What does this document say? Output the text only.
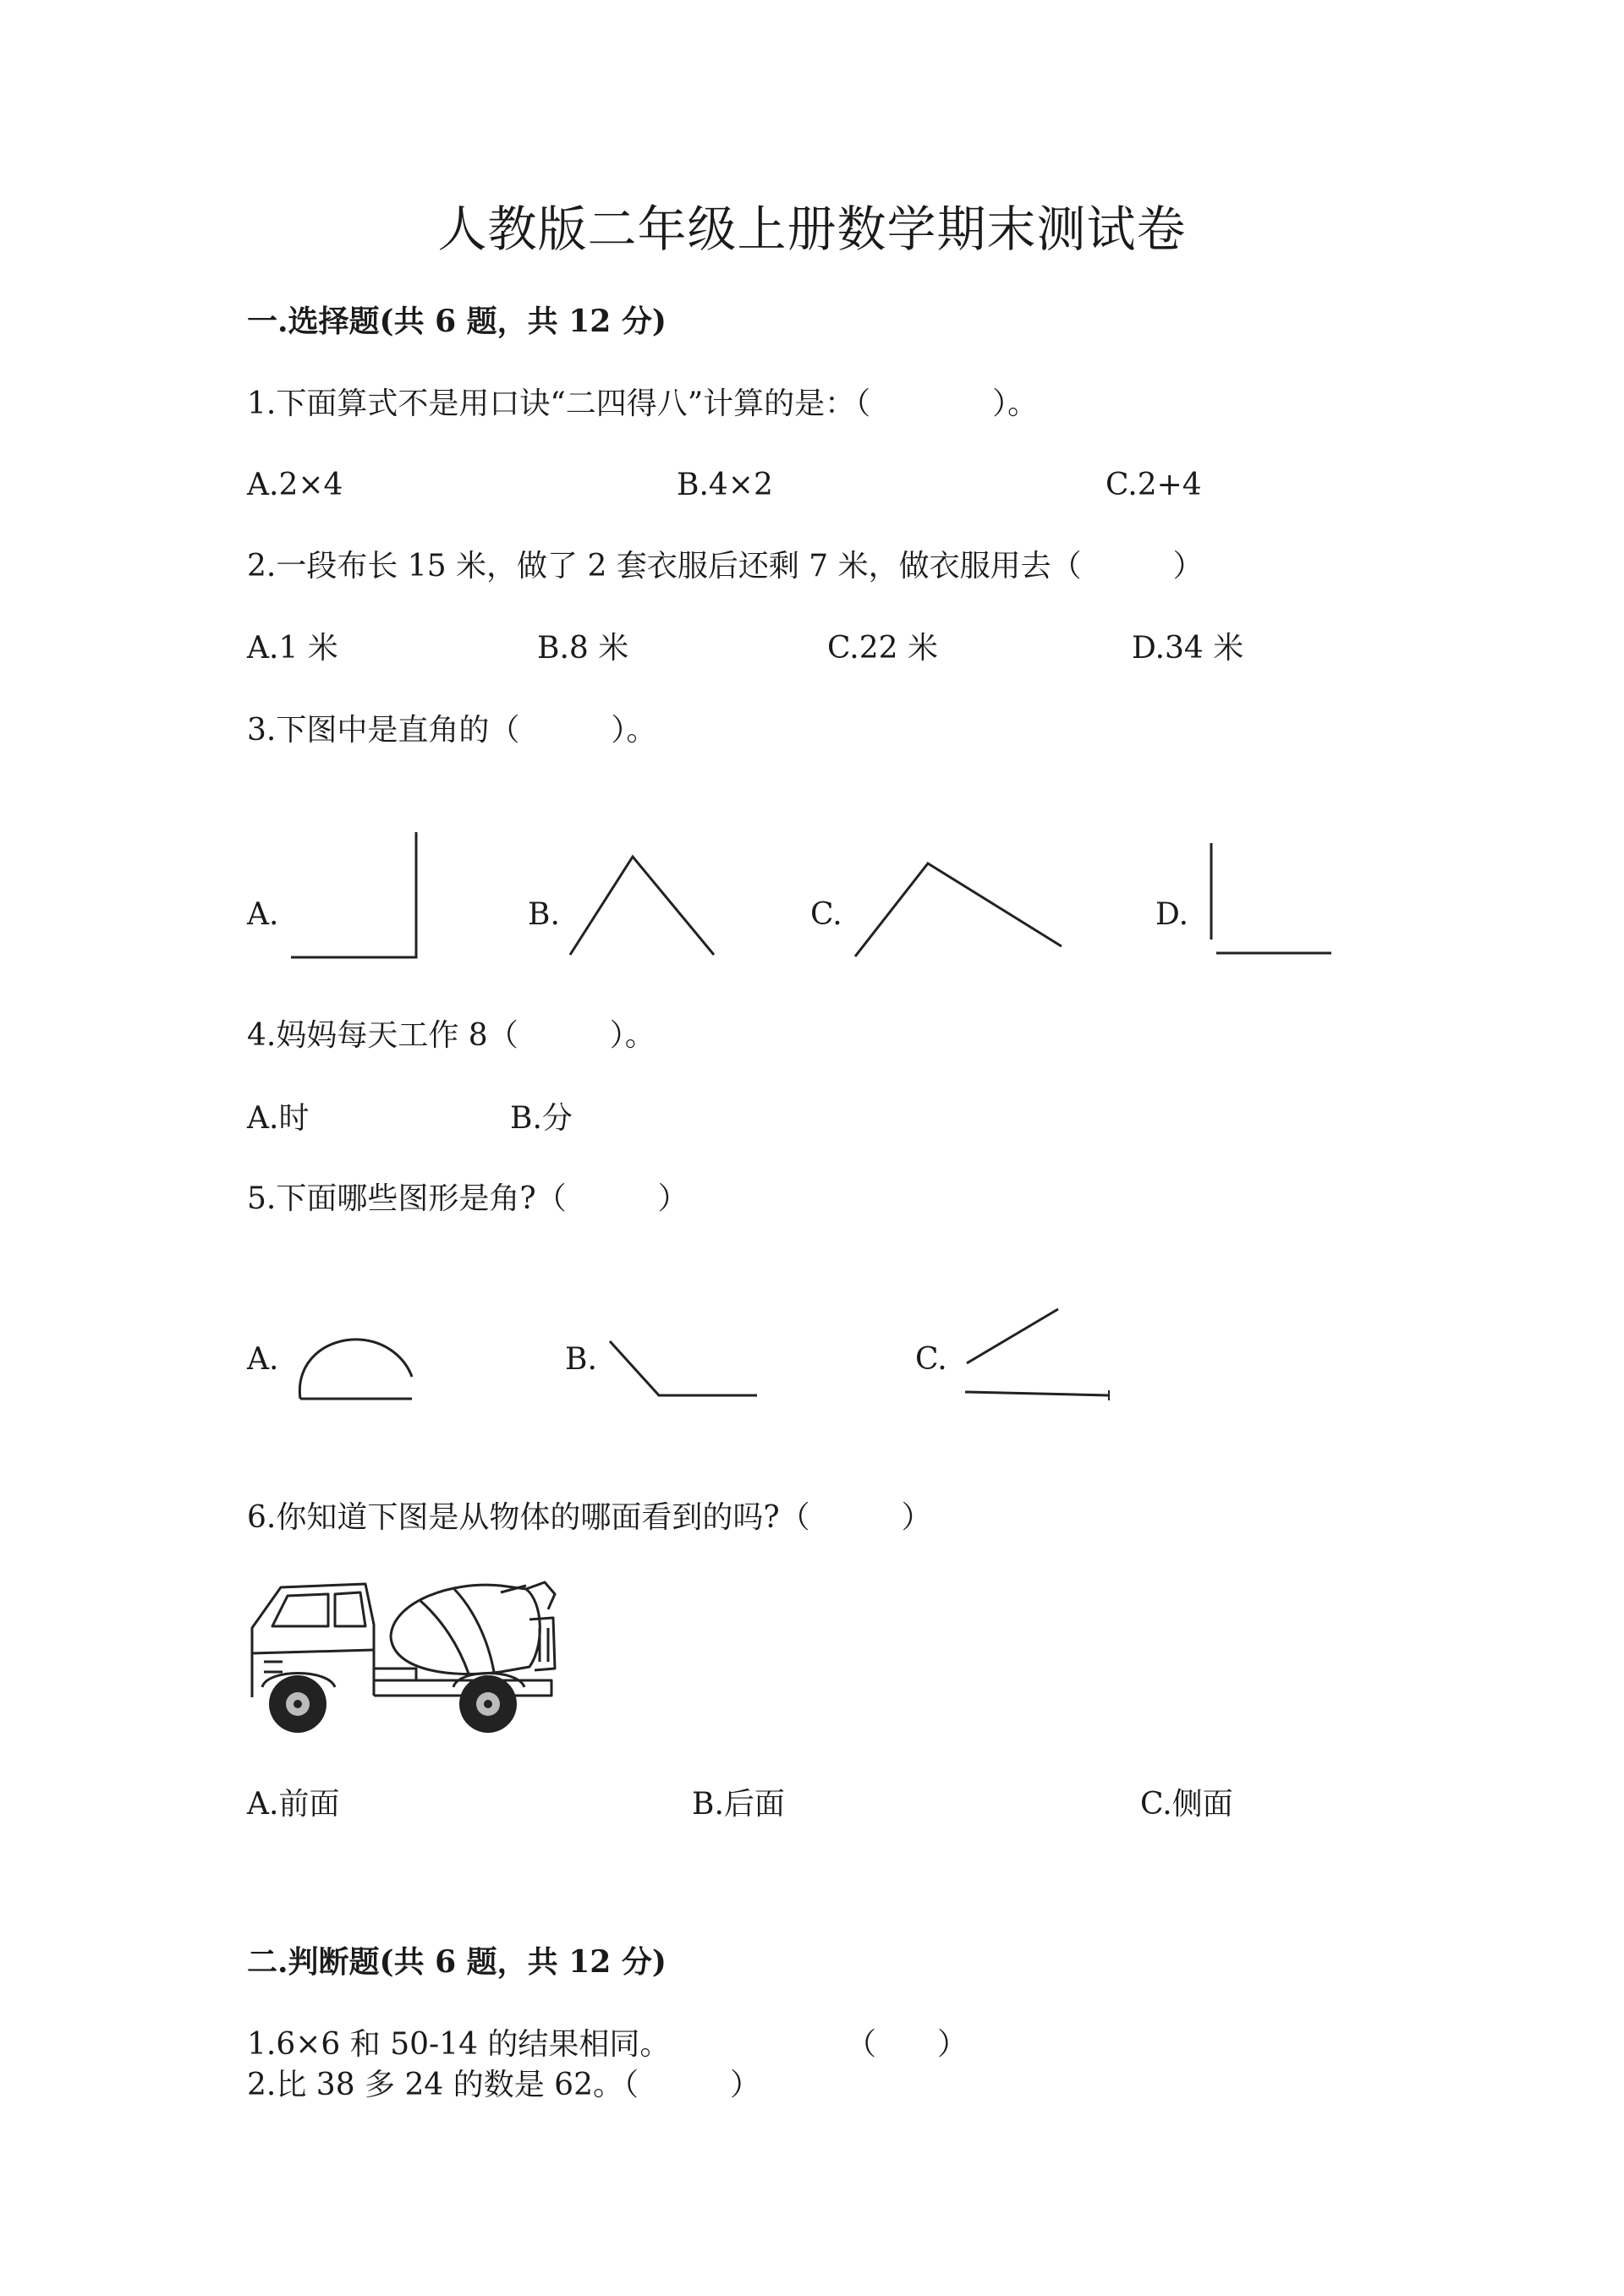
人教版二年级上册数学期末测试卷
一.选择题(共 6 题，共 12 分)
1.下面算式不是用口诀“二四得八”计算的是：（　　　　）。
A.2×4	B.4×2	C.2+4
2.一段布长 15 米，做了 2 套衣服后还剩 7 米，做衣服用去（　　　）
A.1 米	B.8 米	C.22 米	D.34 米
3.下图中是直角的（　　　）。
A.	B.	C.	D.
4.妈妈每天工作 8（　　　）。
A.时	B.分
5.下面哪些图形是角?（　　　）
A.	B.	C.
6.你知道下图是从物体的哪面看到的吗?（　　　）
A.前面	B.后面	C.侧面
二.判断题(共 6 题，共 12 分)
1.6×6 和 50-14 的结果相同。	（　　）
2.比 38 多 24 的数是 62。（　　　）
